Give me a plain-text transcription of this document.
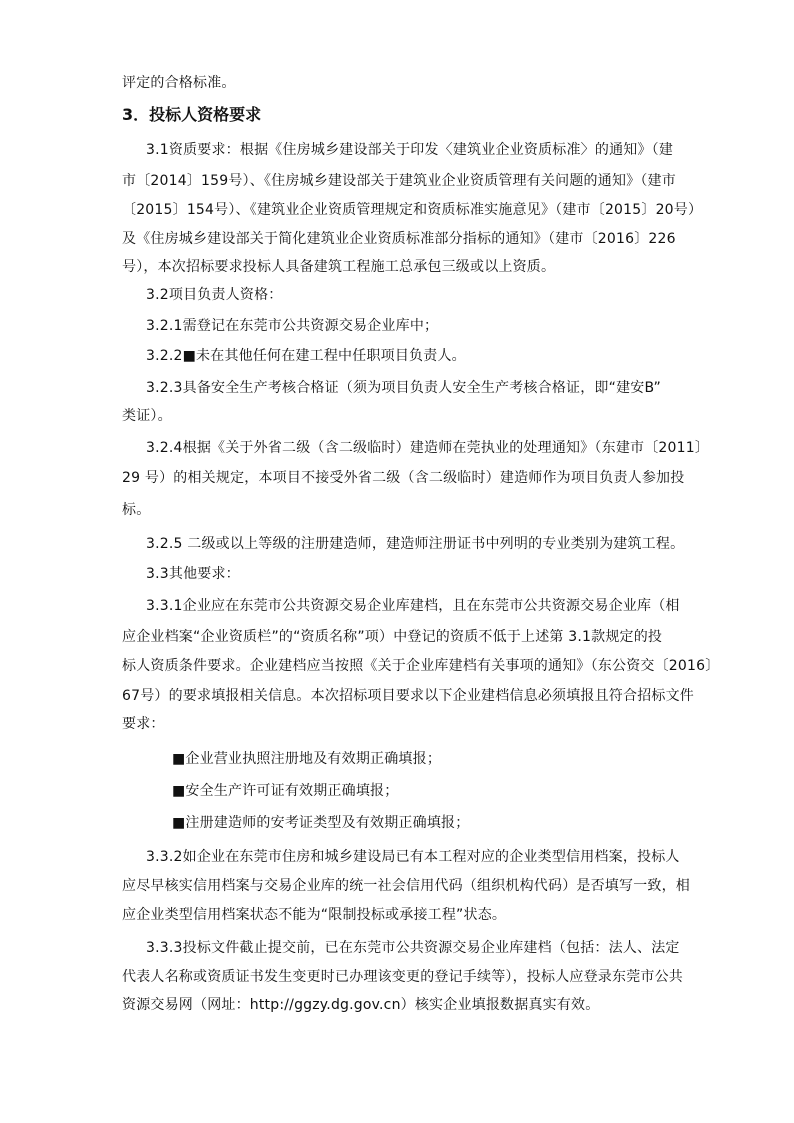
评定的合格标准。
3．投标人资格要求
3.1资质要求：根据《住房城乡建设部关于印发〈建筑业企业资质标准〉的通知》（建
市〔2014〕159号）、《住房城乡建设部关于建筑业企业资质管理有关问题的通知》（建市
〔2015〕154号）、《建筑业企业资质管理规定和资质标准实施意见》（建市〔2015〕20号）
及《住房城乡建设部关于简化建筑业企业资质标准部分指标的通知》（建市〔2016〕226
号），本次招标要求投标人具备建筑工程施工总承包三级或以上资质。
3.2项目负责人资格：
3.2.1需登记在东莞市公共资源交易企业库中；
3.2.2■未在其他任何在建工程中任职项目负责人。
3.2.3具备安全生产考核合格证（须为项目负责人安全生产考核合格证，即“建安B”
类证）。
3.2.4根据《关于外省二级（含二级临时）建造师在莞执业的处理通知》（东建市〔2011〕
29 号）的相关规定，本项目不接受外省二级（含二级临时）建造师作为项目负责人参加投
标。
3.2.5 二级或以上等级的注册建造师，建造师注册证书中列明的专业类别为建筑工程。
3.3其他要求：
3.3.1企业应在东莞市公共资源交易企业库建档，且在东莞市公共资源交易企业库（相
应企业档案“企业资质栏”的“资质名称”项）中登记的资质不低于上述第 3.1款规定的投
标人资质条件要求。企业建档应当按照《关于企业库建档有关事项的通知》（东公资交〔2016〕
67号）的要求填报相关信息。本次招标项目要求以下企业建档信息必须填报且符合招标文件
要求：
■企业营业执照注册地及有效期正确填报；
■安全生产许可证有效期正确填报；
■注册建造师的安考证类型及有效期正确填报；
3.3.2如企业在东莞市住房和城乡建设局已有本工程对应的企业类型信用档案，投标人
应尽早核实信用档案与交易企业库的统一社会信用代码（组织机构代码）是否填写一致，相
应企业类型信用档案状态不能为“限制投标或承接工程”状态。
3.3.3投标文件截止提交前，已在东莞市公共资源交易企业库建档（包括：法人、法定
代表人名称或资质证书发生变更时已办理该变更的登记手续等），投标人应登录东莞市公共
资源交易网（网址：http://ggzy.dg.gov.cn）核实企业填报数据真实有效。
